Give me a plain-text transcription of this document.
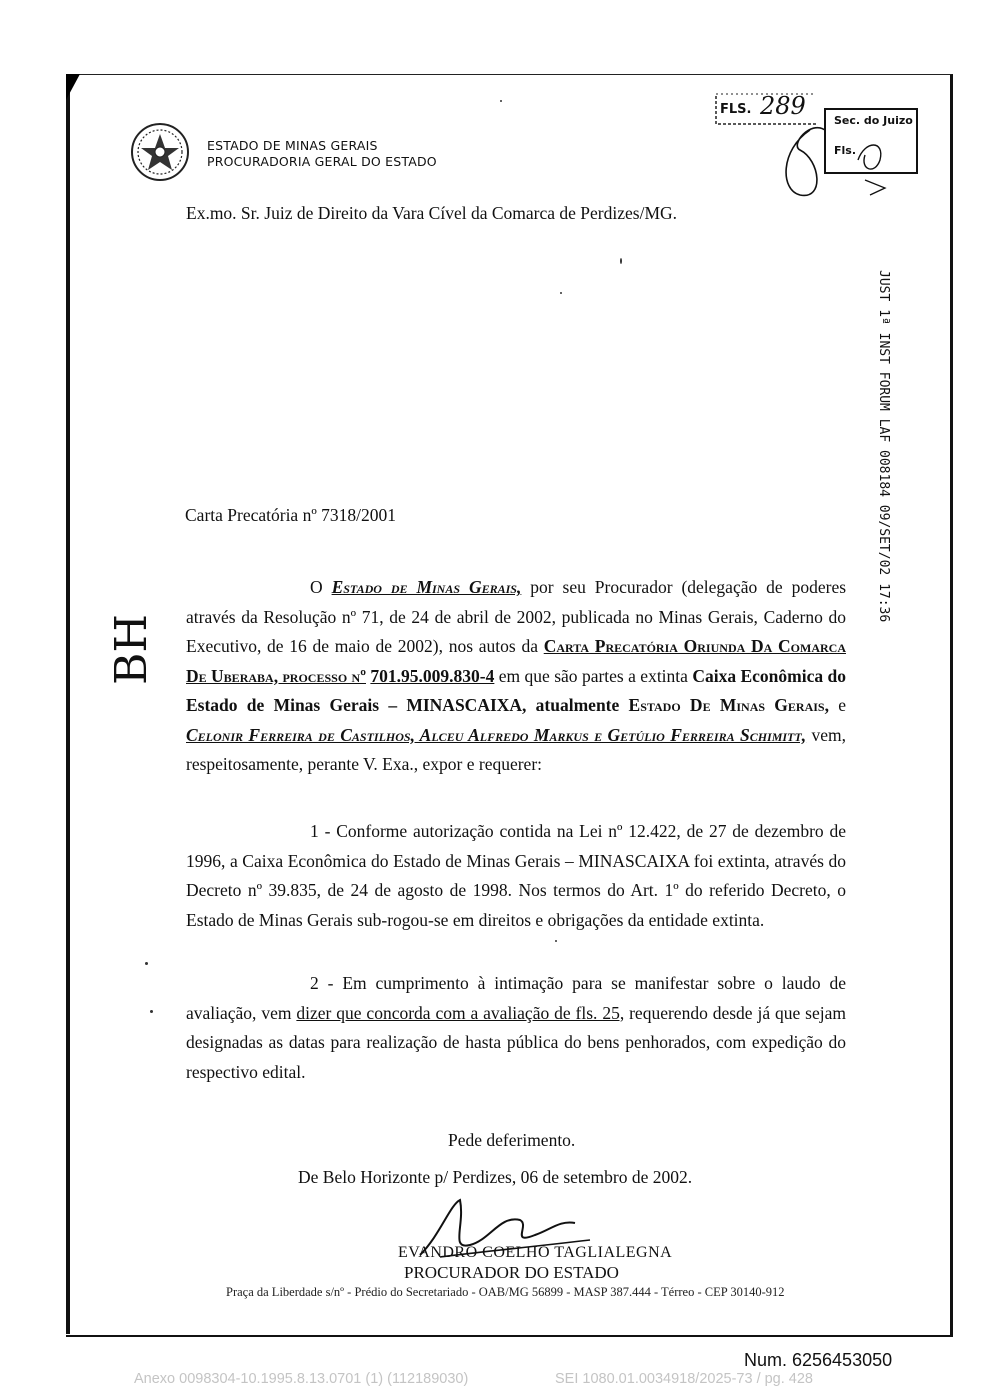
ESTADO DE MINAS GERAIS
PROCURADORIA GERAL DO ESTADO
FLS. 289
Sec. do Juizo
Fls.
JUST 1ª INST FORUM LAF 008184 09/SET/02 17:36
BH
Ex.mo. Sr. Juiz de Direito da Vara Cível da Comarca de Perdizes/MG.
Carta Precatória nº 7318/2001
O Estado de Minas Gerais, por seu Procurador (delegação de poderes através da Resolução nº 71, de 24 de abril de 2002, publicada no Minas Gerais, Caderno do Executivo, de 16 de maio de 2002), nos autos da Carta Precatória Oriunda Da Comarca De Uberaba, processo nº 701.95.009.830-4 em que são partes a extinta Caixa Econômica do Estado de Minas Gerais – MINASCAIXA, atualmente Estado De Minas Gerais, e Celonir Ferreira de Castilhos, Alceu Alfredo Markus e Getúlio Ferreira Schimitt, vem, respeitosamente, perante V. Exa., expor e requerer:
1 - Conforme autorização contida na Lei nº 12.422, de 27 de dezembro de 1996, a Caixa Econômica do Estado de Minas Gerais – MINASCAIXA foi extinta, através do Decreto nº 39.835, de 24 de agosto de 1998. Nos termos do Art. 1º do referido Decreto, o Estado de Minas Gerais sub-rogou-se em direitos e obrigações da entidade extinta.
2 - Em cumprimento à intimação para se manifestar sobre o laudo de avaliação, vem dizer que concorda com a avaliação de fls. 25, requerendo desde já que sejam designadas as datas para realização de hasta pública do bens penhorados, com expedição do respectivo edital.
Pede deferimento.
De Belo Horizonte p/ Perdizes, 06 de setembro de 2002.
EVANDRO COELHO TAGLIALEGNA
PROCURADOR DO ESTADO
Praça da Liberdade s/nº - Prédio do Secretariado - OAB/MG 56899 - MASP 387.444 - Térreo - CEP 30140-912
Num. 6256453050
Anexo 0098304-10.1995.8.13.0701 (1) (112189030)	SEI 1080.01.0034918/2025-73 / pg. 428
